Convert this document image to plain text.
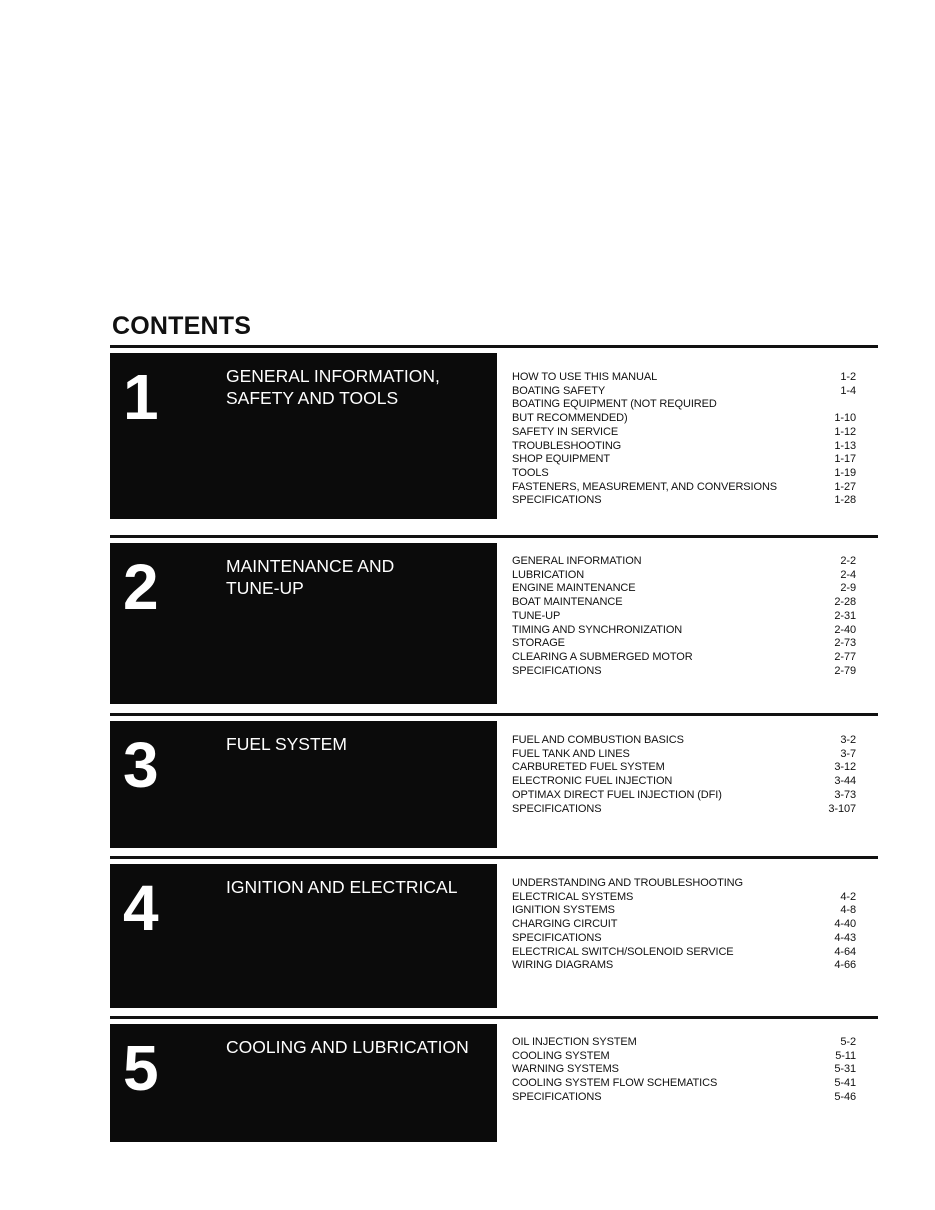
CONTENTS
1	GENERAL INFORMATION,
SAFETY AND TOOLS
HOW TO USE THIS MANUAL	1-2
BOATING SAFETY	1-4
BOATING EQUIPMENT (NOT REQUIRED
BUT RECOMMENDED)	1-10
SAFETY IN SERVICE	1-12
TROUBLESHOOTING	1-13
SHOP EQUIPMENT	1-17
TOOLS	1-19
FASTENERS, MEASUREMENT, AND CONVERSIONS	1-27
SPECIFICATIONS	1-28
2	MAINTENANCE AND
TUNE-UP
GENERAL INFORMATION	2-2
LUBRICATION	2-4
ENGINE MAINTENANCE	2-9
BOAT MAINTENANCE	2-28
TUNE-UP	2-31
TIMING AND SYNCHRONIZATION	2-40
STORAGE	2-73
CLEARING A SUBMERGED MOTOR	2-77
SPECIFICATIONS	2-79
3	FUEL SYSTEM	FUEL AND COMBUSTION BASICS	3-2
FUEL TANK AND LINES	3-7
CARBURETED FUEL SYSTEM	3-12
ELECTRONIC FUEL INJECTION	3-44
OPTIMAX DIRECT FUEL INJECTION (DFI)	3-73
SPECIFICATIONS	3-107
4	IGNITION AND ELECTRICAL	UNDERSTANDING AND TROUBLESHOOTING
ELECTRICAL SYSTEMS	4-2
IGNITION SYSTEMS	4-8
CHARGING CIRCUIT	4-40
SPECIFICATIONS	4-43
ELECTRICAL SWITCH/SOLENOID SERVICE	4-64
WIRING DIAGRAMS	4-66
5	COOLING AND LUBRICATION	OIL INJECTION SYSTEM	5-2
COOLING SYSTEM	5-11
WARNING SYSTEMS	5-31
COOLING SYSTEM FLOW SCHEMATICS	5-41
SPECIFICATIONS	5-46
